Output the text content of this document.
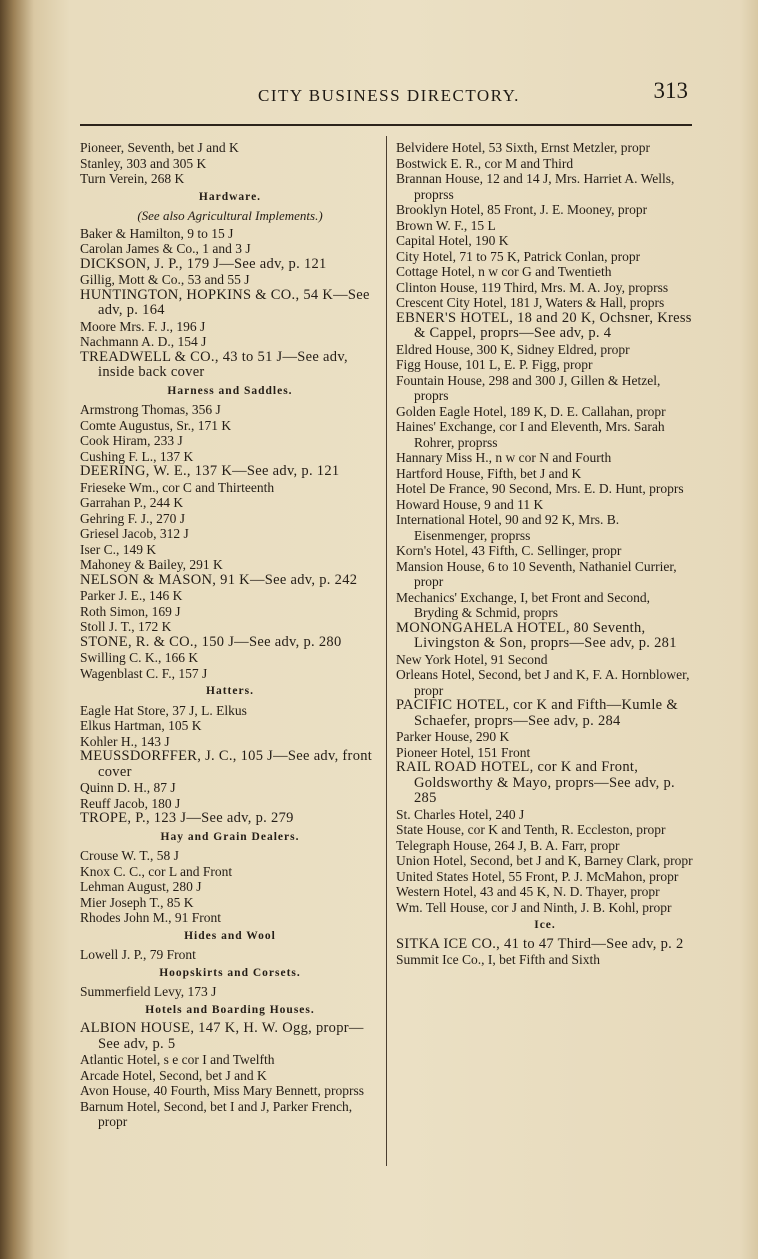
CITY BUSINESS DIRECTORY.	313
Pioneer, Seventh, bet J and K
Stanley, 303 and 305 K
Turn Verein, 268 K
Hardware.
(See also Agricultural Implements.)
Baker & Hamilton, 9 to 15 J
Carolan James & Co., 1 and 3 J
DICKSON, J. P., 179 J—See adv, p. 121
Gillig, Mott & Co., 53 and 55 J
HUNTINGTON, HOPKINS & CO., 54 K—See adv, p. 164
Moore Mrs. F. J., 196 J
Nachmann A. D., 154 J
TREADWELL & CO., 43 to 51 J—See adv, inside back cover
Harness and Saddles.
Armstrong Thomas, 356 J
Comte Augustus, Sr., 171 K
Cook Hiram, 233 J
Cushing F. L., 137 K
DEERING, W. E., 137 K—See adv, p. 121
Frieseke Wm., cor C and Thirteenth
Garrahan P., 244 K
Gehring F. J., 270 J
Griesel Jacob, 312 J
Iser C., 149 K
Mahoney & Bailey, 291 K
NELSON & MASON, 91 K—See adv, p. 242
Parker J. E., 146 K
Roth Simon, 169 J
Stoll J. T., 172 K
STONE, R. & CO., 150 J—See adv, p. 280
Swilling C. K., 166 K
Wagenblast C. F., 157 J
Hatters.
Eagle Hat Store, 37 J, L. Elkus
Elkus Hartman, 105 K
Kohler H., 143 J
MEUSSDORFFER, J. C., 105 J—See adv, front cover
Quinn D. H., 87 J
Reuff Jacob, 180 J
TROPE, P., 123 J—See adv, p. 279
Hay and Grain Dealers.
Crouse W. T., 58 J
Knox C. C., cor L and Front
Lehman August, 280 J
Mier Joseph T., 85 K
Rhodes John M., 91 Front
Hides and Wool
Lowell J. P., 79 Front
Hoopskirts and Corsets.
Summerfield Levy, 173 J
Hotels and Boarding Houses.
ALBION HOUSE, 147 K, H. W. Ogg, propr—See adv, p. 5
Atlantic Hotel, s e cor I and Twelfth
Arcade Hotel, Second, bet J and K
Avon House, 40 Fourth, Miss Mary Bennett, proprss
Barnum Hotel, Second, bet I and J, Parker French, propr
Belvidere Hotel, 53 Sixth, Ernst Metzler, propr
Bostwick E. R., cor M and Third
Brannan House, 12 and 14 J, Mrs. Harriet A. Wells, proprss
Brooklyn Hotel, 85 Front, J. E. Mooney, propr
Brown W. F., 15 L
Capital Hotel, 190 K
City Hotel, 71 to 75 K, Patrick Conlan, propr
Cottage Hotel, n w cor G and Twentieth
Clinton House, 119 Third, Mrs. M. A. Joy, proprss
Crescent City Hotel, 181 J, Waters & Hall, proprs
EBNER'S HOTEL, 18 and 20 K, Ochsner, Kress & Cappel, proprs—See adv, p. 4
Eldred House, 300 K, Sidney Eldred, propr
Figg House, 101 L, E. P. Figg, propr
Fountain House, 298 and 300 J, Gillen & Hetzel, proprs
Golden Eagle Hotel, 189 K, D. E. Callahan, propr
Haines' Exchange, cor I and Eleventh, Mrs. Sarah Rohrer, proprss
Hannary Miss H., n w cor N and Fourth
Hartford House, Fifth, bet J and K
Hotel De France, 90 Second, Mrs. E. D. Hunt, proprs
Howard House, 9 and 11 K
International Hotel, 90 and 92 K, Mrs. B. Eisenmenger, proprss
Korn's Hotel, 43 Fifth, C. Sellinger, propr
Mansion House, 6 to 10 Seventh, Nathaniel Currier, propr
Mechanics' Exchange, I, bet Front and Second, Bryding & Schmid, proprs
MONONGAHELA HOTEL, 80 Seventh, Livingston & Son, proprs—See adv, p. 281
New York Hotel, 91 Second
Orleans Hotel, Second, bet J and K, F. A. Hornblower, propr
PACIFIC HOTEL, cor K and Fifth—Kumle & Schaefer, proprs—See adv, p. 284
Parker House, 290 K
Pioneer Hotel, 151 Front
RAIL ROAD HOTEL, cor K and Front, Goldsworthy & Mayo, proprs—See adv, p. 285
St. Charles Hotel, 240 J
State House, cor K and Tenth, R. Eccleston, propr
Telegraph House, 264 J, B. A. Farr, propr
Union Hotel, Second, bet J and K, Barney Clark, propr
United States Hotel, 55 Front, P. J. McMahon, propr
Western Hotel, 43 and 45 K, N. D. Thayer, propr
Wm. Tell House, cor J and Ninth, J. B. Kohl, propr
Ice.
SITKA ICE CO., 41 to 47 Third—See adv, p. 2
Summit Ice Co., I, bet Fifth and Sixth
